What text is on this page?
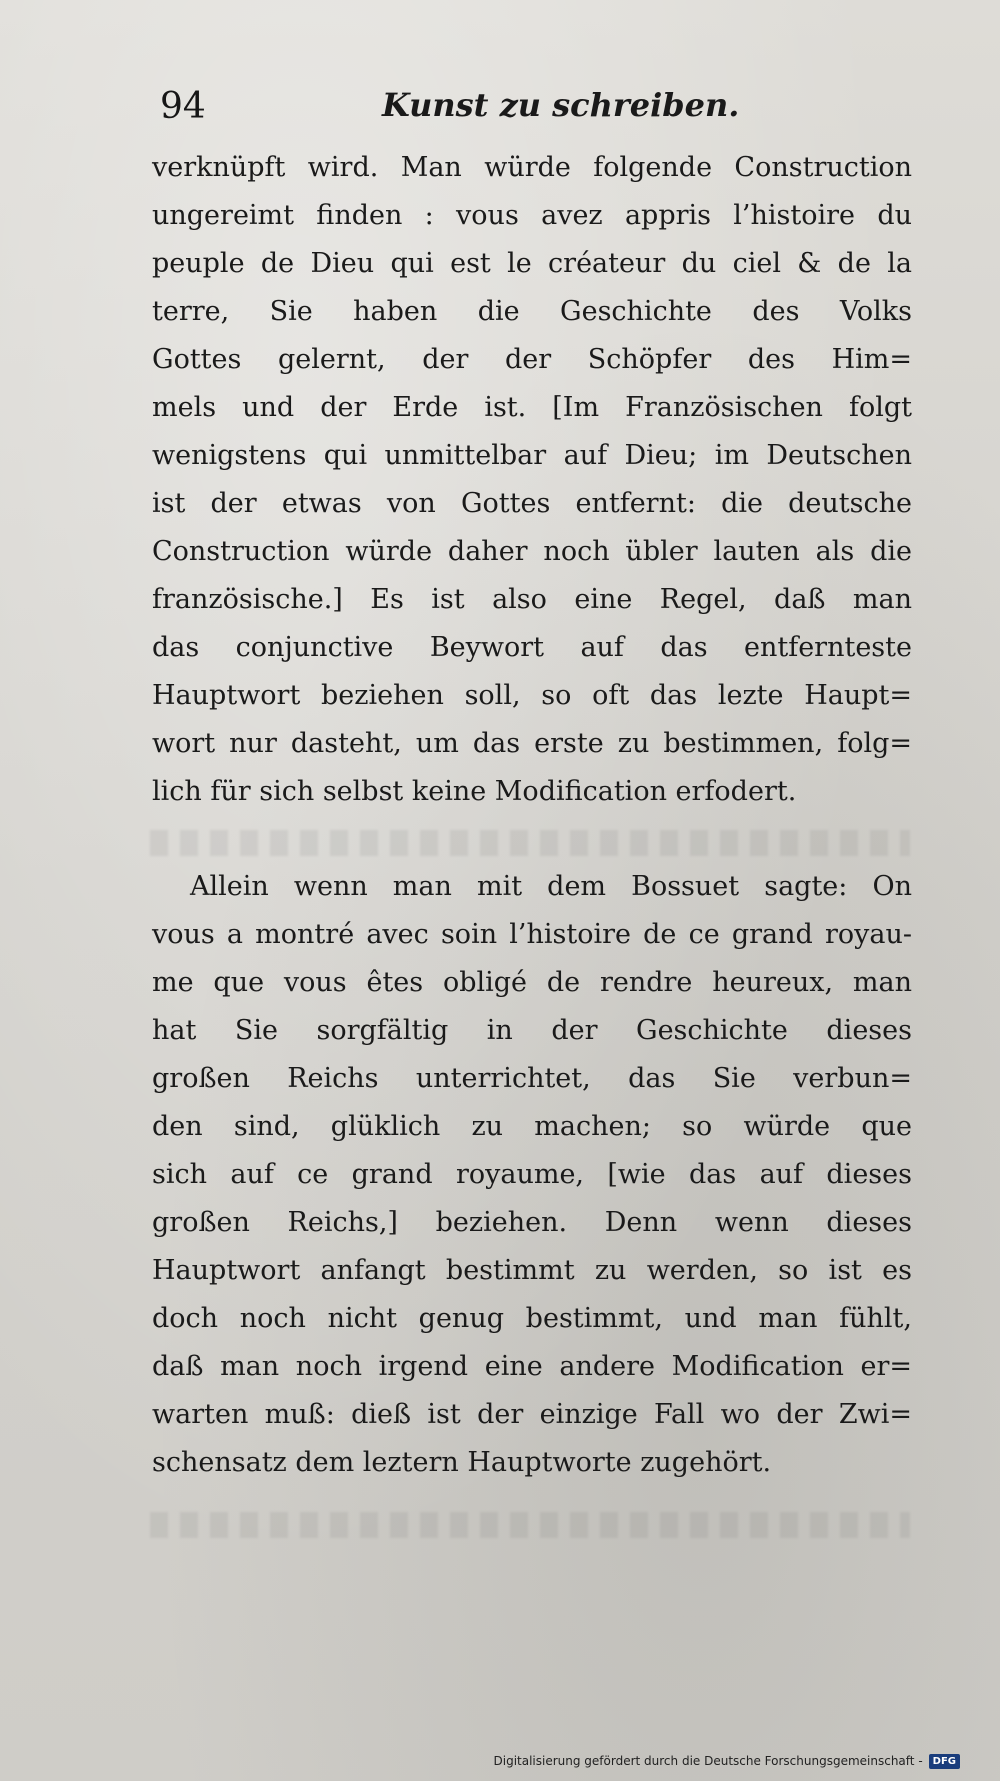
94	Kunst zu schreiben.
verknüpft wird. Man würde folgende Construction
ungereimt finden : vous avez appris l’histoire du
peuple de Dieu qui est le créateur du ciel & de la
terre, Sie haben die Geschichte des Volks
Gottes gelernt, der der Schöpfer des Him=
mels und der Erde ist. [Im Französischen folgt
wenigstens qui unmittelbar auf Dieu; im Deutschen
ist der etwas von Gottes entfernt: die deutsche
Construction würde daher noch übler lauten als die
französische.] Es ist also eine Regel, daß man
das conjunctive Beywort auf das entfernteste
Hauptwort beziehen soll, so oft das lezte Haupt=
wort nur dasteht, um das erste zu bestimmen, folg=
lich für sich selbst keine Modification erfodert.
Allein wenn man mit dem Bossuet sagte: On
vous a montré avec soin l’histoire de ce grand royau-
me que vous êtes obligé de rendre heureux, man
hat Sie sorgfältig in der Geschichte dieses
großen Reichs unterrichtet, das Sie verbun=
den sind, glüklich zu machen; so würde que
sich auf ce grand royaume, [wie das auf dieses
großen Reichs,] beziehen. Denn wenn dieses
Hauptwort anfangt bestimmt zu werden, so ist es
doch noch nicht genug bestimmt, und man fühlt,
daß man noch irgend eine andere Modification er=
warten muß: dieß ist der einzige Fall wo der Zwi=
schensatz dem leztern Hauptworte zugehört.
Digitalisierung gefördert durch die Deutsche Forschungsgemeinschaft -	DFG
